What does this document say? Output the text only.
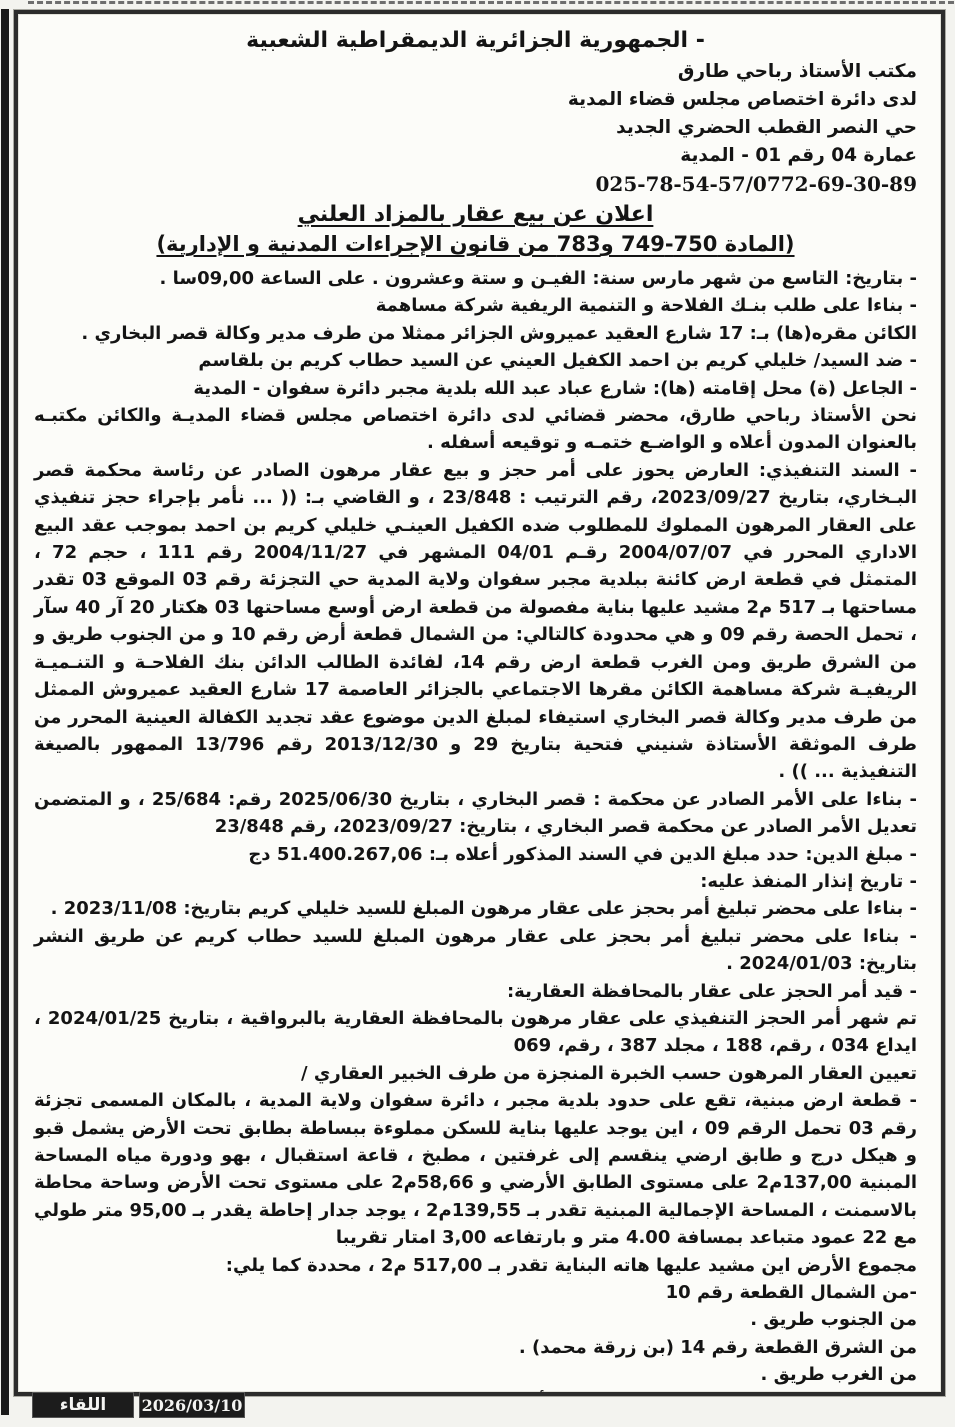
- الجمهورية الجزائرية الديمقراطية الشعبية
مكتب الأستاذ رباحي طارق
لدى دائرة اختصاص مجلس قضاء المدية
حي النصر القطب الحضري الجديد
عمارة 04 رقم 01 - المدية
025-78-54-57/0772-69-30-89
اعلان عن بيع عقار بالمزاد العلني
(المادة 750-749 و783 من قانون الإجراءات المدنية و الإدارية)

- بتاريخ: التاسع من شهر مارس سنة: الفيـن و ستة وعشرون . على الساعة 09,00سا .

- بناءا على طلب بنـك الفلاحة و التنمية الريفية شركة مساهمة

الكائن مقره(ها) بـ: 17 شارع العقيد عميروش الجزائر ممثلا من طرف مدير وكالة قصر البخاري .

- ضد السيد/ خليلي كريم بن احمد الكفيل العيني عن السيد حطاب كريم بن بلقاسم

- الجاعل (ة) محل إقامته (ها): شارع عباد عبد الله بلدية مجبر دائرة سفوان - المدية

نحن الأستاذ رباحي طارق، محضر قضائي لدى دائرة اختصاص مجلس قضاء المديـة والكائن مكتبـه بالعنوان المدون أعلاه و الواضـع ختمـه و توقيعه أسفله .

- السند التنفيذي: العارض يحوز على أمر حجز و بيع عقار مرهون الصادر عن رئاسة محكمة قصر البـخاري، بتاريخ 2023/09/27، رقم الترتيب : 23/848 ، و القاضي بـ: (( ... نأمر بإجراء حجز تنفيذي على العقار المرهون المملوك للمطلوب ضده الكفيل العينـي خليلي كريم بن احمد بموجب عقد البيع الاداري المحرر في 2004/07/07 رقـم 04/01 المشهر في 2004/11/27 رقم 111 ، حجم 72 ، المتمثل في قطعة ارض كائنة ببلدية مجبر سفوان ولاية المدية حي التجزئة رقم 03 الموقع 03 تقدر مساحتها بـ 517 م2 مشيد عليها بناية مفصولة من قطعة ارض أوسع مساحتها 03 هكتار 20 آر 40 سآر ، تحمل الحصة رقم 09 و هي محدودة كالتالي: من الشمال قطعة أرض رقم 10 و من الجنوب طريق و من الشرق طريق ومن الغرب قطعة ارض رقم 14، لفائدة الطالب الدائن بنك الفلاحـة و التنـميـة الريفيـة شركة مساهمة الكائن مقرها الاجتماعي بالجزائر العاصمة 17 شارع العقيد عميروش الممثل من طرف مدير وكالة قصر البخاري استيفاء لمبلغ الدين موضوع عقد تجديد الكفالة العينية المحرر من طرف الموثقة الأستاذة شنيني فتحية بتاريخ 29 و 2013/12/30 رقم 13/796 الممهور بالصيغة التنفيذية ... )) .

- بناءا على الأمر الصادر عن محكمة : قصر البخاري ، بتاريخ 2025/06/30 رقم: 25/684 ، و المتضمن تعديل الأمر الصادر عن محكمة قصر البخاري ، بتاريخ: 2023/09/27، رقم 23/848

- مبلغ الدين: حدد مبلغ الدين في السند المذكور أعلاه بـ: 51.400.267,06 دج

- تاريخ إنذار المنفذ عليه:

- بناءا على محضر تبليغ أمر بحجز على عقار مرهون المبلغ للسيد خليلي كريم بتاريخ: 2023/11/08 .

- بناءا على محضر تبليغ أمر بحجز على عقار مرهون المبلغ للسيد حطاب كريم عن طريق النشر بتاريخ: 2024/01/03 .

- قيد أمر الحجز على عقار بالمحافظة العقارية:

تم شهر أمر الحجز التنفيذي على عقار مرهون بالمحافظة العقارية بالبرواقية ، بتاريخ 2024/01/25 ، ايداع 034 ، رقم، 188 ، مجلد 387 ، رقم، 069

تعيين العقار المرهون حسب الخبرة المنجزة من طرف الخبير العقاري /

- قطعة ارض مبنية، تقع على حدود بلدية مجبر ، دائرة سفوان ولاية المدية ، بالمكان المسمى تجزئة رقم 03 تحمل الرقم 09 ، اين يوجد عليها بناية للسكن مملوءة ببساطة بطابق تحت الأرض يشمل قبو و هيكل درج و طابق ارضي ينقسم إلى غرفتين ، مطبخ ، قاعة استقبال ، بهو ودورة مياه المساحة المبنية 137,00م2 على مستوى الطابق الأرضي و 58,66م2 على مستوى تحت الأرض وساحة محاطة بالاسمنت ، المساحة الإجمالية المبنية تقدر بـ 139,55م2 ، يوجد جدار إحاطة يقدر بـ 95,00 متر طولي مع 22 عمود متباعد بمسافة 4.00 متر و بارتفاعه 3,00 امتار تقريبا

مجموع الأرض اين مشيد عليها هاته البناية تقدر بـ 517,00 م2 ، محددة كما يلي:

-من الشمال القطعة رقم 10

من الجنوب طريق .

من الشرق القطعة رقم 14 (بن زرقة محمد) .

من الغرب طريق .

اللقاء	2026/03/10
